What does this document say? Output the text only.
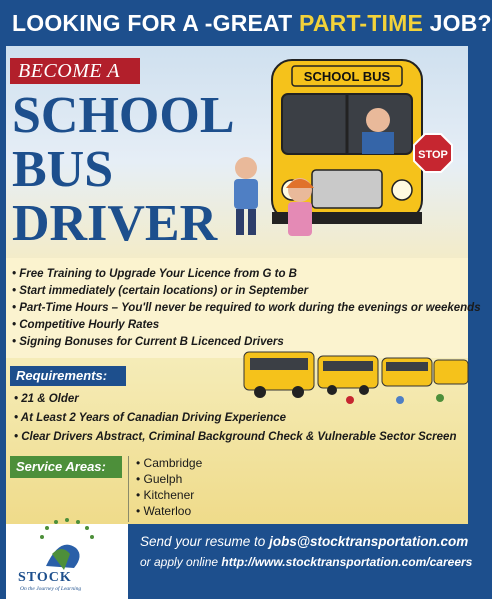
LOOKING FOR A -GREAT PART-TIME JOB?
SCHOOL BUS
STOP
BECOME A
SCHOOL
BUS
DRIVER
• Free Training to Upgrade Your Licence from G to B
• Start immediately (certain locations) or in September
• Part-Time Hours – You'll never be required to work during the evenings or weekends
• Competitive Hourly Rates
• Signing Bonuses for Current B Licenced Drivers
Requirements:
• 21 & Older
• At Least 2 Years of Canadian Driving Experience
• Clear Drivers Abstract, Criminal Background Check & Vulnerable Sector Screen
Service Areas:
•	Cambridge
• Guelph
• Kitchener
• Waterloo
STOCK
On the Journey of Learning
Send your resume to jobs@stocktransportation.com
or apply online http://www.stocktransportation.com/careers
